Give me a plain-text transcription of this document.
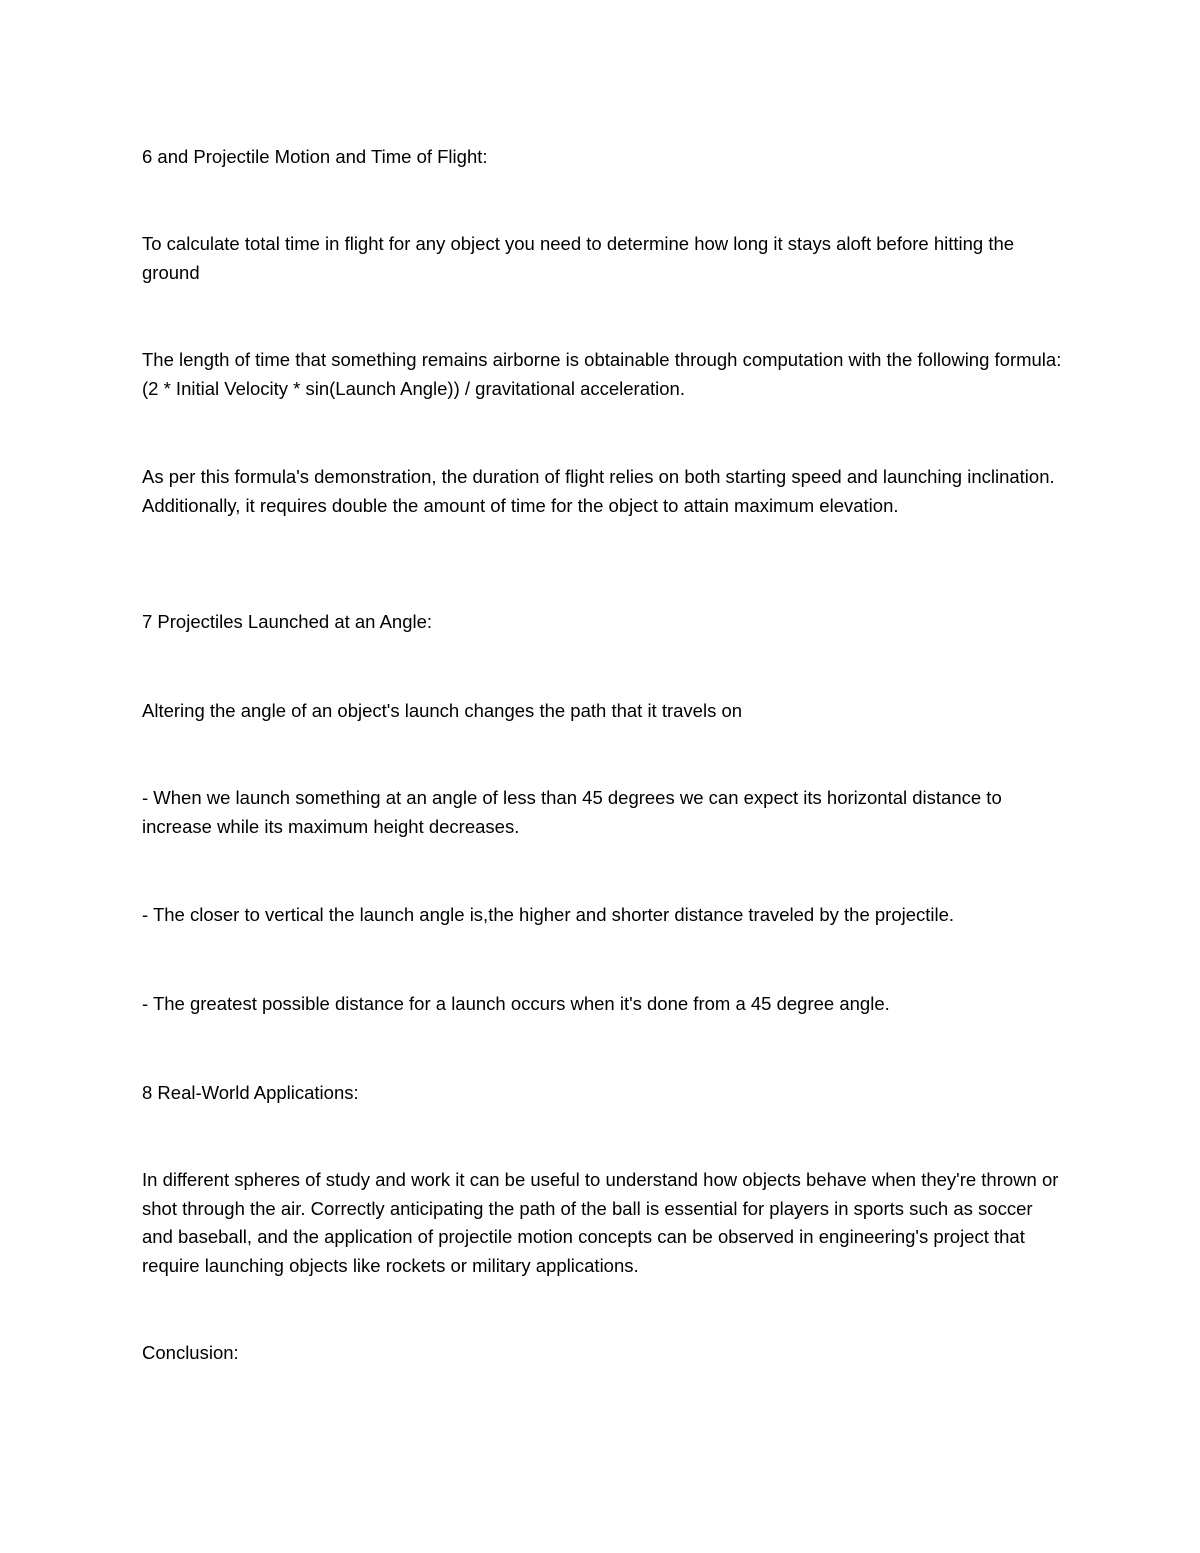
6 and Projectile Motion and Time of Flight:

To calculate total time in flight for any object you need to determine how long it stays aloft before hitting the ground

The length of time that something remains airborne is obtainable through computation with the following formula: (2 * Initial Velocity * sin(Launch Angle)) / gravitational acceleration.

As per this formula's demonstration, the duration of flight relies on both starting speed and launching inclination. Additionally, it requires double the amount of time for the object to attain maximum elevation.

7 Projectiles Launched at an Angle:

Altering the angle of an object's launch changes the path that it travels on

- When we launch something at an angle of less than 45 degrees we can expect its horizontal distance to increase while its maximum height decreases.

- The closer to vertical the launch angle is,the higher and shorter distance traveled by the projectile.

- The greatest possible distance for a launch occurs when it's done from a 45 degree angle.

8 Real-World Applications:

In different spheres of study and work it can be useful to understand how objects behave when they're thrown or shot through the air. Correctly anticipating the path of the ball is essential for players in sports such as soccer and baseball, and the application of projectile motion concepts can be observed in engineering's project that require launching objects like rockets or military applications.

Conclusion:
